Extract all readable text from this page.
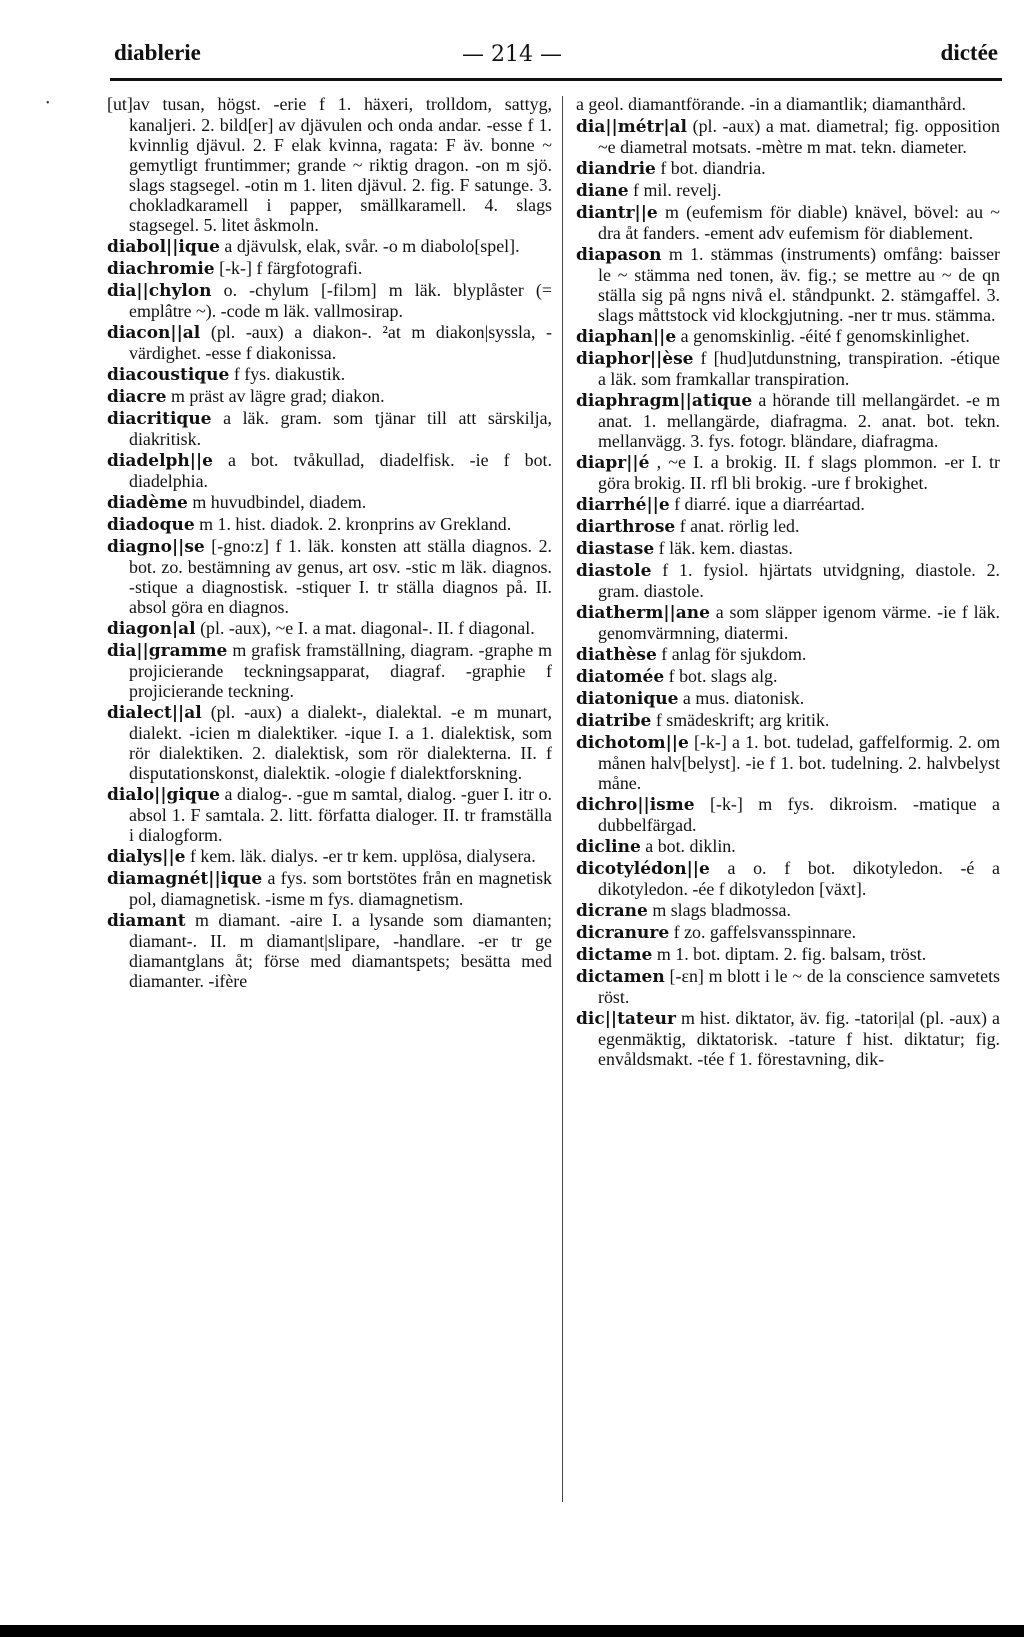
diablerie	— 214 —	dictée
•	[ut]av tusan, högst. -erie f 1. häxeri, trolldom, sattyg, kanaljeri. 2. bild[er] av djävulen och onda andar. -esse f 1. kvinnlig djävul. 2. F elak kvinna, ragata: F äv. bonne ~ gemytligt fruntimmer; grande ~ riktig dragon. -on m sjö. slags stagsegel. -otin m 1. liten djävul. 2. fig. F satunge. 3. chokladkaramell i papper, smällkaramell. 4. slags stagsegel. 5. litet åskmoln.

diabol||ique a djävulsk, elak, svår. -o m diabolo[spel].

diachromie [-k-] f färgfotografi.

dia||chylon o. -chylum [-filɔm] m läk. blyplåster (= emplâtre ~). -code m läk. vallmosirap.

diacon||al (pl. -aux) a diakon-. ²at m diakon|syssla, -värdighet. -esse f diakonissa.

diacoustique f fys. diakustik.

diacre m präst av lägre grad; diakon.

diacritique a läk. gram. som tjänar till att särskilja, diakritisk.

diadelph||e a bot. tvåkullad, diadelfisk. -ie f bot. diadelphia.

diadème m huvudbindel, diadem.

diadoque m 1. hist. diadok. 2. kronprins av Grekland.

diagno||se [-gno:z] f 1. läk. konsten att ställa diagnos. 2. bot. zo. bestämning av genus, art osv. -stic m läk. diagnos. -stique a diagnostisk. -stiquer I. tr ställa diagnos på. II. absol göra en diagnos.

diagon|al (pl. -aux), ~e I. a mat. diagonal-. II. f diagonal.

dia||gramme m grafisk framställning, diagram. -graphe m projicierande teckningsapparat, diagraf. -graphie f projicierande teckning.

dialect||al (pl. -aux) a dialekt-, dialektal. -e m munart, dialekt. -icien m dialektiker. -ique I. a 1. dialektisk, som rör dialektiken. 2. dialektisk, som rör dialekterna. II. f disputationskonst, dialektik. -ologie f dialektforskning.

dialo||gique a dialog-. -gue m samtal, dialog. -guer I. itr o. absol 1. F samtala. 2. litt. författa dialoger. II. tr framställa i dialogform.

dialys||e f kem. läk. dialys. -er tr kem. upplösa, dialysera.

diamagnét||ique a fys. som bortstötes från en magnetisk pol, diamagnetisk. -isme m fys. diamagnetism.

diamant m diamant. -aire I. a lysande som diamanten; diamant-. II. m diamant|slipare, -handlare. -er tr ge diamantglans åt; förse med diamantspets; besätta med diamanter. -ifère

a geol. diamantförande. -in a diamantlik; diamanthård.

dia||métr|al (pl. -aux) a mat. diametral; fig. opposition ~e diametral motsats. -mètre m mat. tekn. diameter.

diandrie f bot. diandria.

diane f mil. revelj.

diantr||e m (eufemism för diable) knävel, bövel: au ~ dra åt fanders. -ement adv eufemism för diablement.

diapason m 1. stämmas (instruments) omfång: baisser le ~ stämma ned tonen, äv. fig.; se mettre au ~ de qn ställa sig på ngns nivå el. ståndpunkt. 2. stämgaffel. 3. slags måttstock vid klockgjutning. -ner tr mus. stämma.

diaphan||e a genomskinlig. -éité f genomskinlighet.

diaphor||èse f [hud]utdunstning, transpiration. -étique a läk. som framkallar transpiration.

diaphragm||atique a hörande till mellangärdet. -e m anat. 1. mellangärde, diafragma. 2. anat. bot. tekn. mellanvägg. 3. fys. fotogr. bländare, diafragma.

diapr||é , ~e I. a brokig. II. f slags plommon. -er I. tr göra brokig. II. rfl bli brokig. -ure f brokighet.

diarrhé||e f diarré. ique a diarréartad.

diarthrose f anat. rörlig led.

diastase f läk. kem. diastas.

diastole f 1. fysiol. hjärtats utvidgning, diastole. 2. gram. diastole.

diatherm||ane a som släpper igenom värme. -ie f läk. genomvärmning, diatermi.

diathèse f anlag för sjukdom.

diatomée f bot. slags alg.

diatonique a mus. diatonisk.

diatribe f smädeskrift; arg kritik.

dichotom||e [-k-] a 1. bot. tudelad, gaffelformig. 2. om månen halv[belyst]. -ie f 1. bot. tudelning. 2. halvbelyst måne.

dichro||isme [-k-] m fys. dikroism. -matique a dubbelfärgad.

dicline a bot. diklin.

dicotylédon||e a o. f bot. dikotyledon. -é a dikotyledon. -ée f dikotyledon [växt].

dicrane m slags bladmossa.

dicranure f zo. gaffelsvansspinnare.

dictame m 1. bot. diptam. 2. fig. balsam, tröst.

dictamen [-ɛn] m blott i le ~ de la conscience samvetets röst.

dic||tateur m hist. diktator, äv. fig. -tatori|al (pl. -aux) a egenmäktig, diktatorisk. -tature f hist. diktatur; fig. envåldsmakt. -tée f 1. förestavning, dik-
